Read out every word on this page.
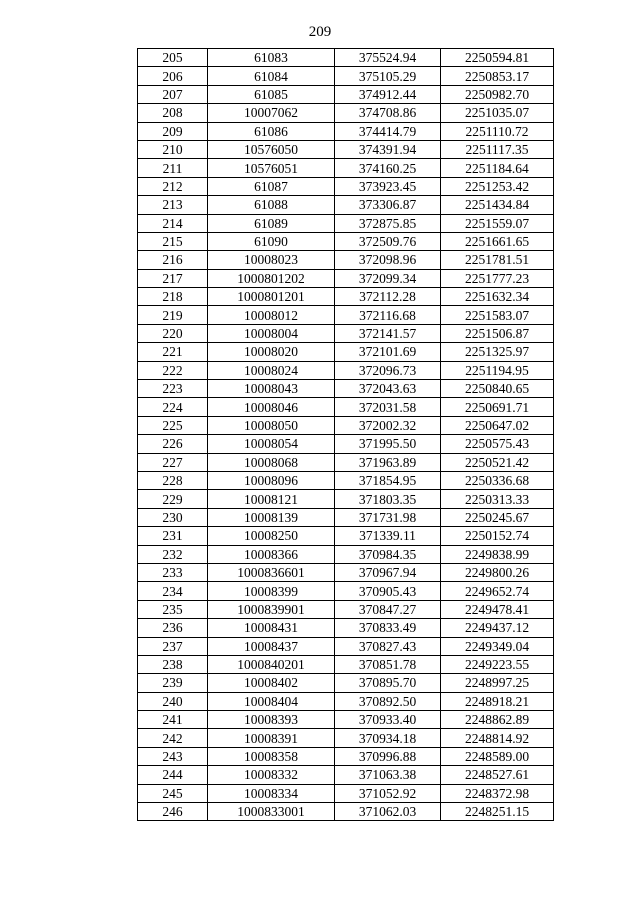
209
205	61083	375524.94	2250594.81
206	61084	375105.29	2250853.17
207	61085	374912.44	2250982.70
208	10007062	374708.86	2251035.07
209	61086	374414.79	2251110.72
210	10576050	374391.94	2251117.35
211	10576051	374160.25	2251184.64
212	61087	373923.45	2251253.42
213	61088	373306.87	2251434.84
214	61089	372875.85	2251559.07
215	61090	372509.76	2251661.65
216	10008023	372098.96	2251781.51
217	1000801202	372099.34	2251777.23
218	1000801201	372112.28	2251632.34
219	10008012	372116.68	2251583.07
220	10008004	372141.57	2251506.87
221	10008020	372101.69	2251325.97
222	10008024	372096.73	2251194.95
223	10008043	372043.63	2250840.65
224	10008046	372031.58	2250691.71
225	10008050	372002.32	2250647.02
226	10008054	371995.50	2250575.43
227	10008068	371963.89	2250521.42
228	10008096	371854.95	2250336.68
229	10008121	371803.35	2250313.33
230	10008139	371731.98	2250245.67
231	10008250	371339.11	2250152.74
232	10008366	370984.35	2249838.99
233	1000836601	370967.94	2249800.26
234	10008399	370905.43	2249652.74
235	1000839901	370847.27	2249478.41
236	10008431	370833.49	2249437.12
237	10008437	370827.43	2249349.04
238	1000840201	370851.78	2249223.55
239	10008402	370895.70	2248997.25
240	10008404	370892.50	2248918.21
241	10008393	370933.40	2248862.89
242	10008391	370934.18	2248814.92
243	10008358	370996.88	2248589.00
244	10008332	371063.38	2248527.61
245	10008334	371052.92	2248372.98
246	1000833001	371062.03	2248251.15
